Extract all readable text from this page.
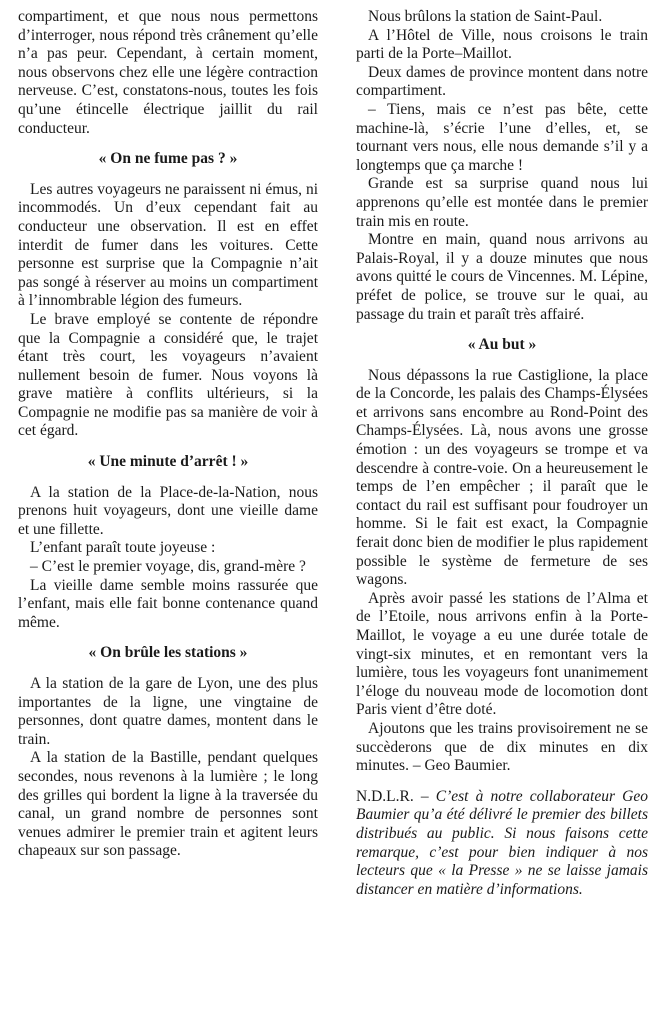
compartiment, et que nous nous permettons d’interroger, nous répond très crânement qu’elle n’a pas peur. Cependant, à certain moment, nous observons chez elle une légère contraction nerveuse. C’est, constatons-nous, toutes les fois qu’une étincelle électrique jaillit du rail conducteur.

« On ne fume pas ? »

Les autres voyageurs ne paraissent ni émus, ni incommodés. Un d’eux cependant fait au conducteur une observation. Il est en effet interdit de fumer dans les voitures. Cette personne est surprise que la Compagnie n’ait pas songé à réserver au moins un compartiment à l’innombrable légion des fumeurs.

Le brave employé se contente de répondre que la Compagnie a considéré que, le trajet étant très court, les voyageurs n’avaient nullement besoin de fumer. Nous voyons là grave matière à conflits ultérieurs, si la Compagnie ne modifie pas sa manière de voir à cet égard.

« Une minute d’arrêt ! »

A la station de la Place-de-la-Nation, nous prenons huit voyageurs, dont une vieille dame et une fillette.

L’enfant paraît toute joyeuse :

– C’est le premier voyage, dis, grand-mère ?

La vieille dame semble moins rassurée que l’enfant, mais elle fait bonne contenance quand même.

« On brûle les stations »

A la station de la gare de Lyon, une des plus importantes de la ligne, une vingtaine de personnes, dont quatre dames, montent dans le train.

A la station de la Bastille, pendant quelques secondes, nous revenons à la lumière ; le long des grilles qui bordent la ligne à la traversée du canal, un grand nombre de personnes sont venues admirer le premier train et agitent leurs chapeaux sur son passage.

Nous brûlons la station de Saint-Paul.

A l’Hôtel de Ville, nous croisons le train parti de la Porte–Maillot.

Deux dames de province montent dans notre compartiment.

– Tiens, mais ce n’est pas bête, cette machine-là, s’écrie l’une d’elles, et, se tournant vers nous, elle nous demande s’il y a longtemps que ça marche !

Grande est sa surprise quand nous lui apprenons qu’elle est montée dans le premier train mis en route.

Montre en main, quand nous arrivons au Palais-Royal, il y a douze minutes que nous avons quitté le cours de Vincennes. M. Lépine, préfet de police, se trouve sur le quai, au passage du train et paraît très affairé.

« Au but »

Nous dépassons la rue Castiglione, la place de la Concorde, les palais des Champs-Élysées et arrivons sans encombre au Rond-Point des Champs-Élysées. Là, nous avons une grosse émotion : un des voyageurs se trompe et va descendre à contre-voie. On a heureusement le temps de l’en empêcher ; il paraît que le contact du rail est suffisant pour foudroyer un homme. Si le fait est exact, la Compagnie ferait donc bien de modifier le plus rapidement possible le système de fermeture de ses wagons.

Après avoir passé les stations de l’Alma et de l’Etoile, nous arrivons enfin à la Porte-Maillot, le voyage a eu une durée totale de vingt-six minutes, et en remontant vers la lumière, tous les voyageurs font unanimement l’éloge du nouveau mode de locomotion dont Paris vient d’être doté.

Ajoutons que les trains provisoirement ne se succèderons que de dix minutes en dix minutes. – Geo Baumier.

N.D.L.R. – C’est à notre collaborateur Geo Baumier qu’a été délivré le premier des billets distribués au public. Si nous faisons cette remarque, c’est pour bien indiquer à nos lecteurs que « la Presse » ne se laisse jamais distancer en matière d’informations.
